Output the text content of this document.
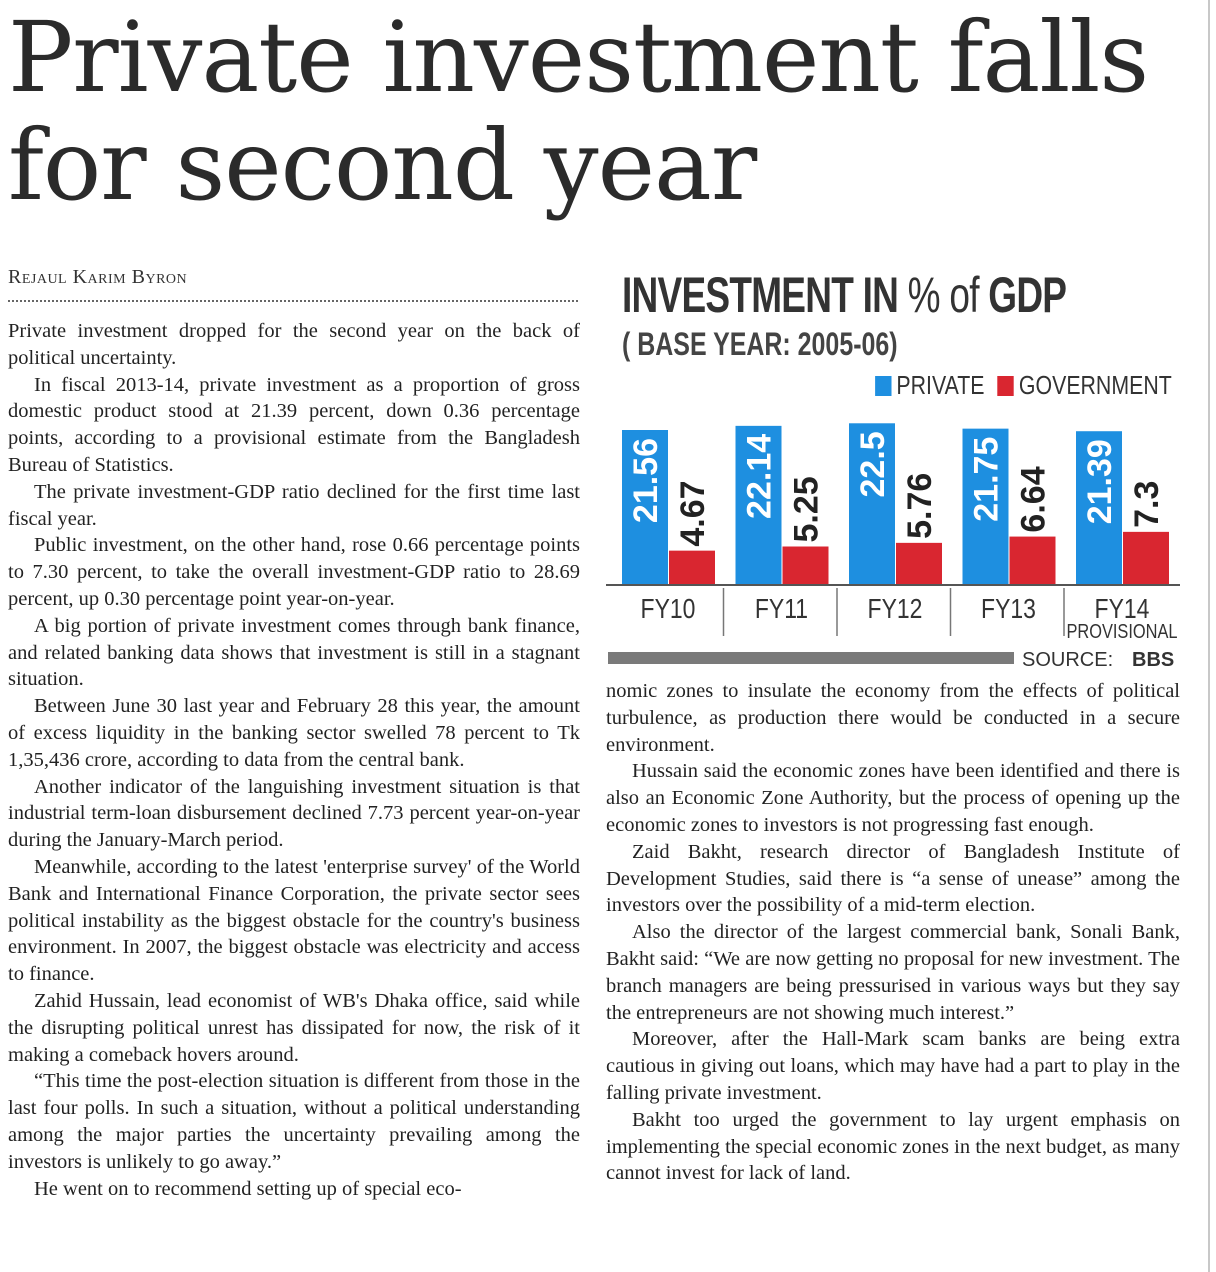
Private investment falls
for second year
Rejaul Karim Byron

Private investment dropped for the second year on the back of political uncertainty.

In fiscal 2013-14, private investment as a proportion of gross domestic product stood at 21.39 percent, down 0.36 percentage points, according to a provisional estimate from the Bangladesh Bureau of Statistics.

The private investment-GDP ratio declined for the first time last fiscal year.

Public investment, on the other hand, rose 0.66 percentage points to 7.30 percent, to take the overall investment-GDP ratio to 28.69 percent, up 0.30 percentage point year-on-year.

A big portion of private investment comes through bank finance, and related banking data shows that investment is still in a stagnant situation.

Between June 30 last year and February 28 this year, the amount of excess liquidity in the banking sector swelled 78 percent to Tk 1,35,436 crore, according to data from the central bank.

Another indicator of the languishing investment situation is that industrial term-loan disbursement declined 7.73 percent year-on-year during the January-March period.

Meanwhile, according to the latest 'enterprise survey' of the World Bank and International Finance Corporation, the private sector sees political instability as the biggest obstacle for the country's business environment. In 2007, the biggest obstacle was electricity and access to finance.

Zahid Hussain, lead economist of WB's Dhaka office, said while the disrupting political unrest has dissipated for now, the risk of it making a comeback hovers around.

“This time the post-election situation is different from those in the last four polls. In such a situation, without a political understanding among the major parties the uncertainty prevailing among the investors is unlikely to go away.”

He went on to recommend setting up of special eco-

INVESTMENT IN % of GDP
( BASE YEAR: 2005-06)
PRIVATE GOVERNMENT
21.56 4.67
FY10
22.14 5.25
FY11
22.5
5.76
FY12
21.75 6.64
FY13
21.39 7.3
FY14
PROVISIONAL
SOURCE: BBS

nomic zones to insulate the economy from the effects of political turbulence, as production there would be conducted in a secure environment.

Hussain said the economic zones have been identified and there is also an Economic Zone Authority, but the process of opening up the economic zones to investors is not progressing fast enough.

Zaid Bakht, research director of Bangladesh Institute of Development Studies, said there is “a sense of unease” among the investors over the possibility of a mid-term election.

Also the director of the largest commercial bank, Sonali Bank, Bakht said: “We are now getting no proposal for new investment. The branch managers are being pressurised in various ways but they say the entrepreneurs are not showing much interest.”

Moreover, after the Hall-Mark scam banks are being extra cautious in giving out loans, which may have had a part to play in the falling private investment.

Bakht too urged the government to lay urgent emphasis on implementing the special economic zones in the next budget, as many cannot invest for lack of land.
